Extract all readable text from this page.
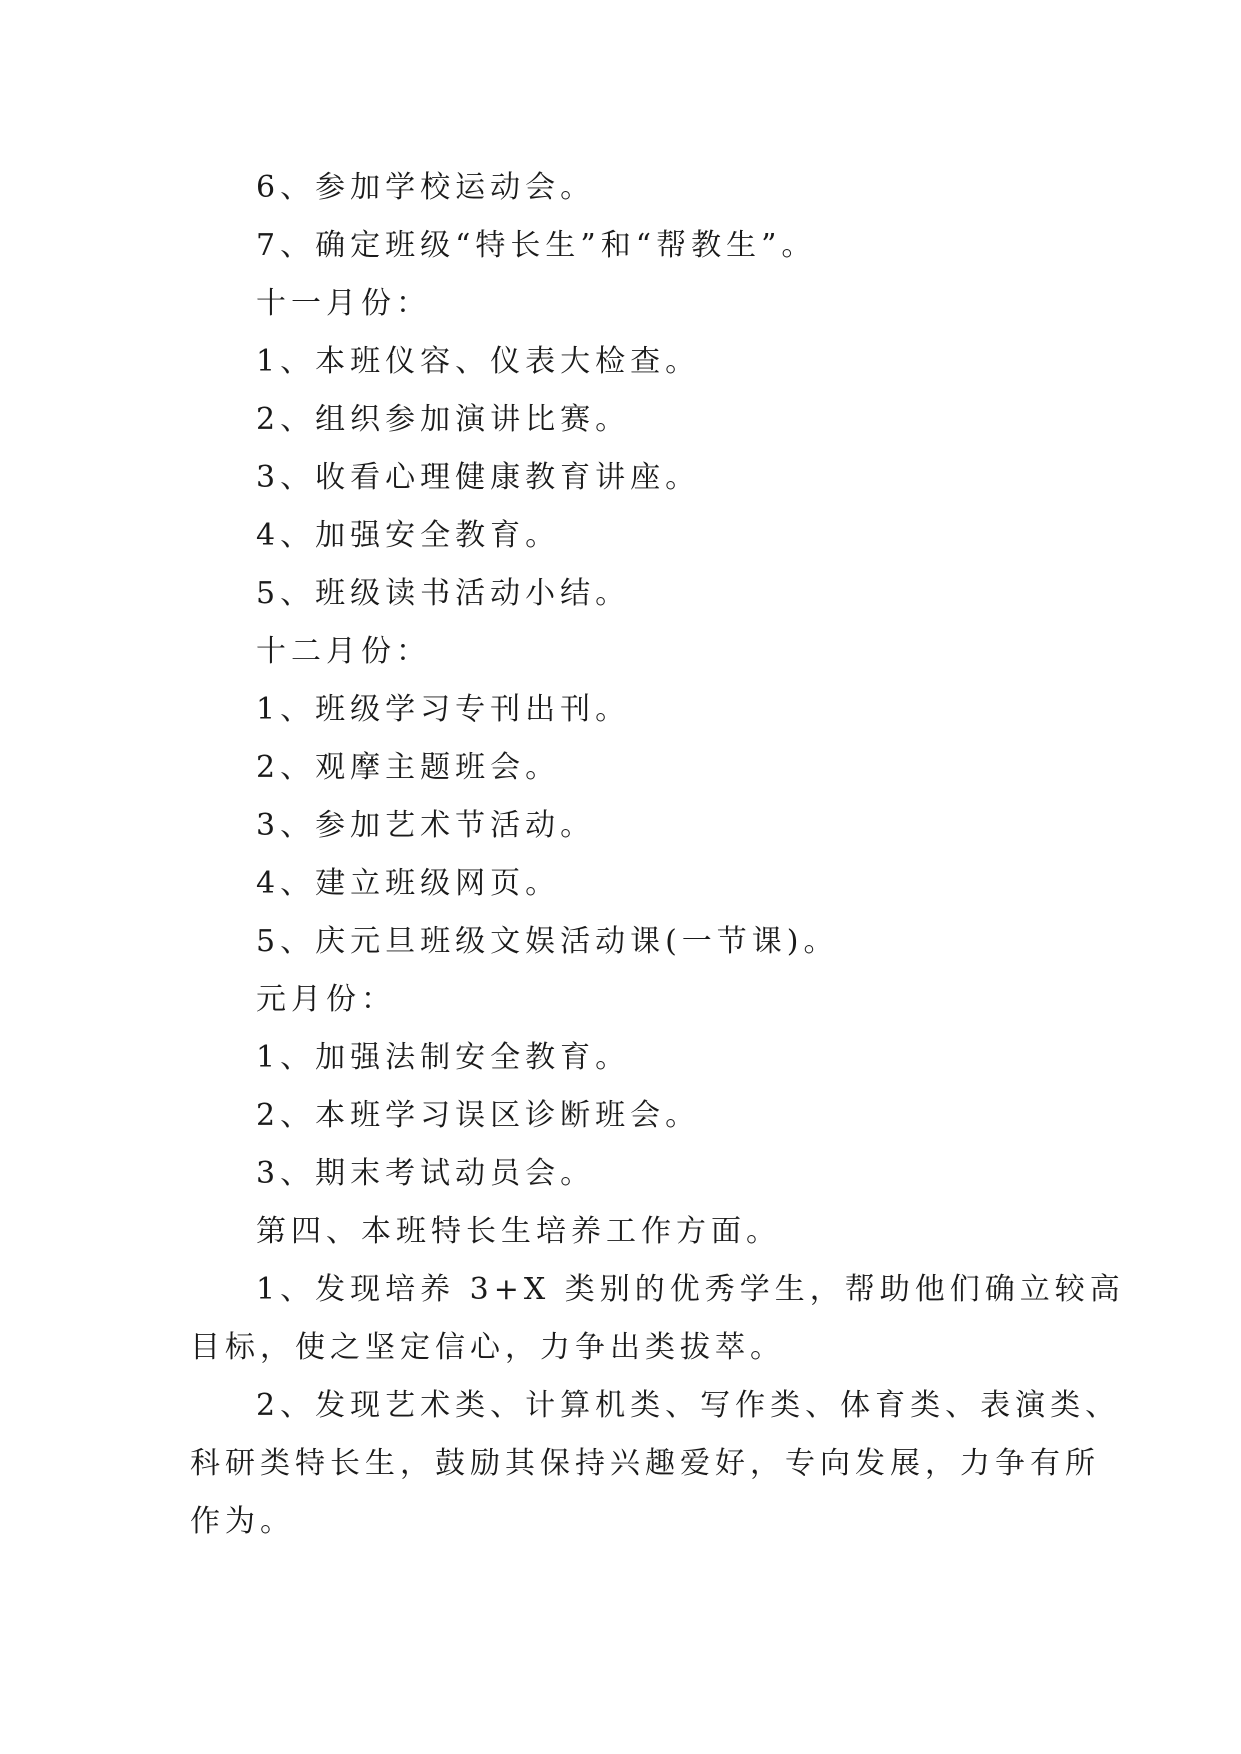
6、参加学校运动会。
7、确定班级“特长生”和“帮教生”。
十一月份：
1、本班仪容、仪表大检查。
2、组织参加演讲比赛。
3、收看心理健康教育讲座。
4、加强安全教育。
5、班级读书活动小结。
十二月份：
1、班级学习专刊出刊。
2、观摩主题班会。
3、参加艺术节活动。
4、建立班级网页。
5、庆元旦班级文娱活动课(一节课)。
元月份：
1、加强法制安全教育。
2、本班学习误区诊断班会。
3、期末考试动员会。
第四、本班特长生培养工作方面。
1、发现培养 3+X 类别的优秀学生，帮助他们确立较高
目标，使之坚定信心，力争出类拔萃。
2、发现艺术类、计算机类、写作类、体育类、表演类、
科研类特长生，鼓励其保持兴趣爱好，专向发展，力争有所
作为。
